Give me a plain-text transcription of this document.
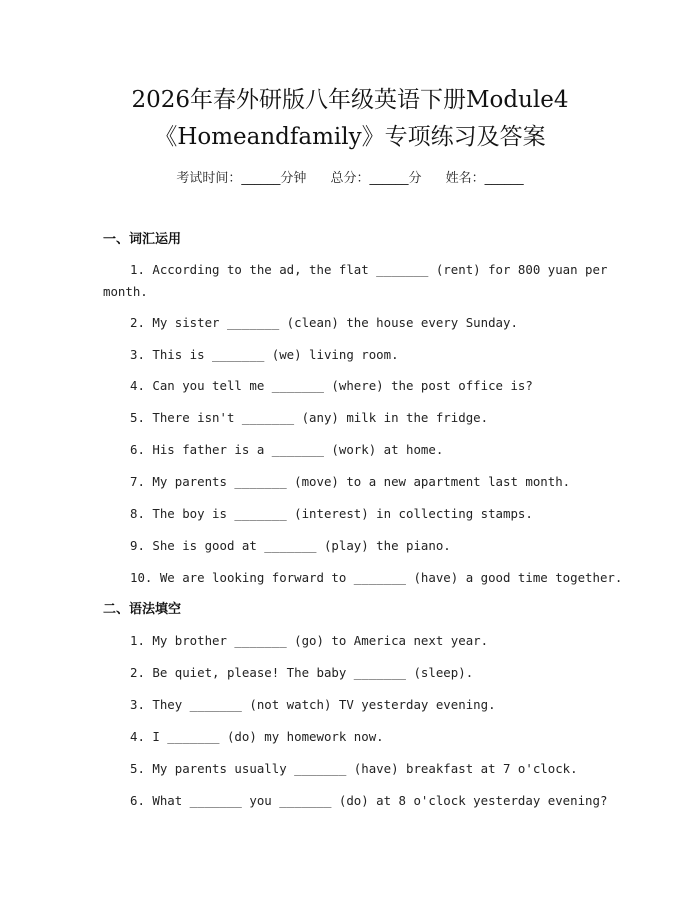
2026年春外研版八年级英语下册Module4
《Homeandfamily》专项练习及答案
考试时间：______分钟 总分：______分 姓名：______
一、词汇运用
1. According to the ad, the flat _______ (rent) for 800 yuan per
month.
2. My sister _______ (clean) the house every Sunday.
3. This is _______ (we) living room.
4. Can you tell me _______ (where) the post office is?
5. There isn't _______ (any) milk in the fridge.
6. His father is a _______ (work) at home.
7. My parents _______ (move) to a new apartment last month.
8. The boy is _______ (interest) in collecting stamps.
9. She is good at _______ (play) the piano.
10. We are looking forward to _______ (have) a good time together.
二、语法填空
1. My brother _______ (go) to America next year.
2. Be quiet, please! The baby _______ (sleep).
3. They _______ (not watch) TV yesterday evening.
4. I _______ (do) my homework now.
5. My parents usually _______ (have) breakfast at 7 o'clock.
6. What _______ you _______ (do) at 8 o'clock yesterday evening?
